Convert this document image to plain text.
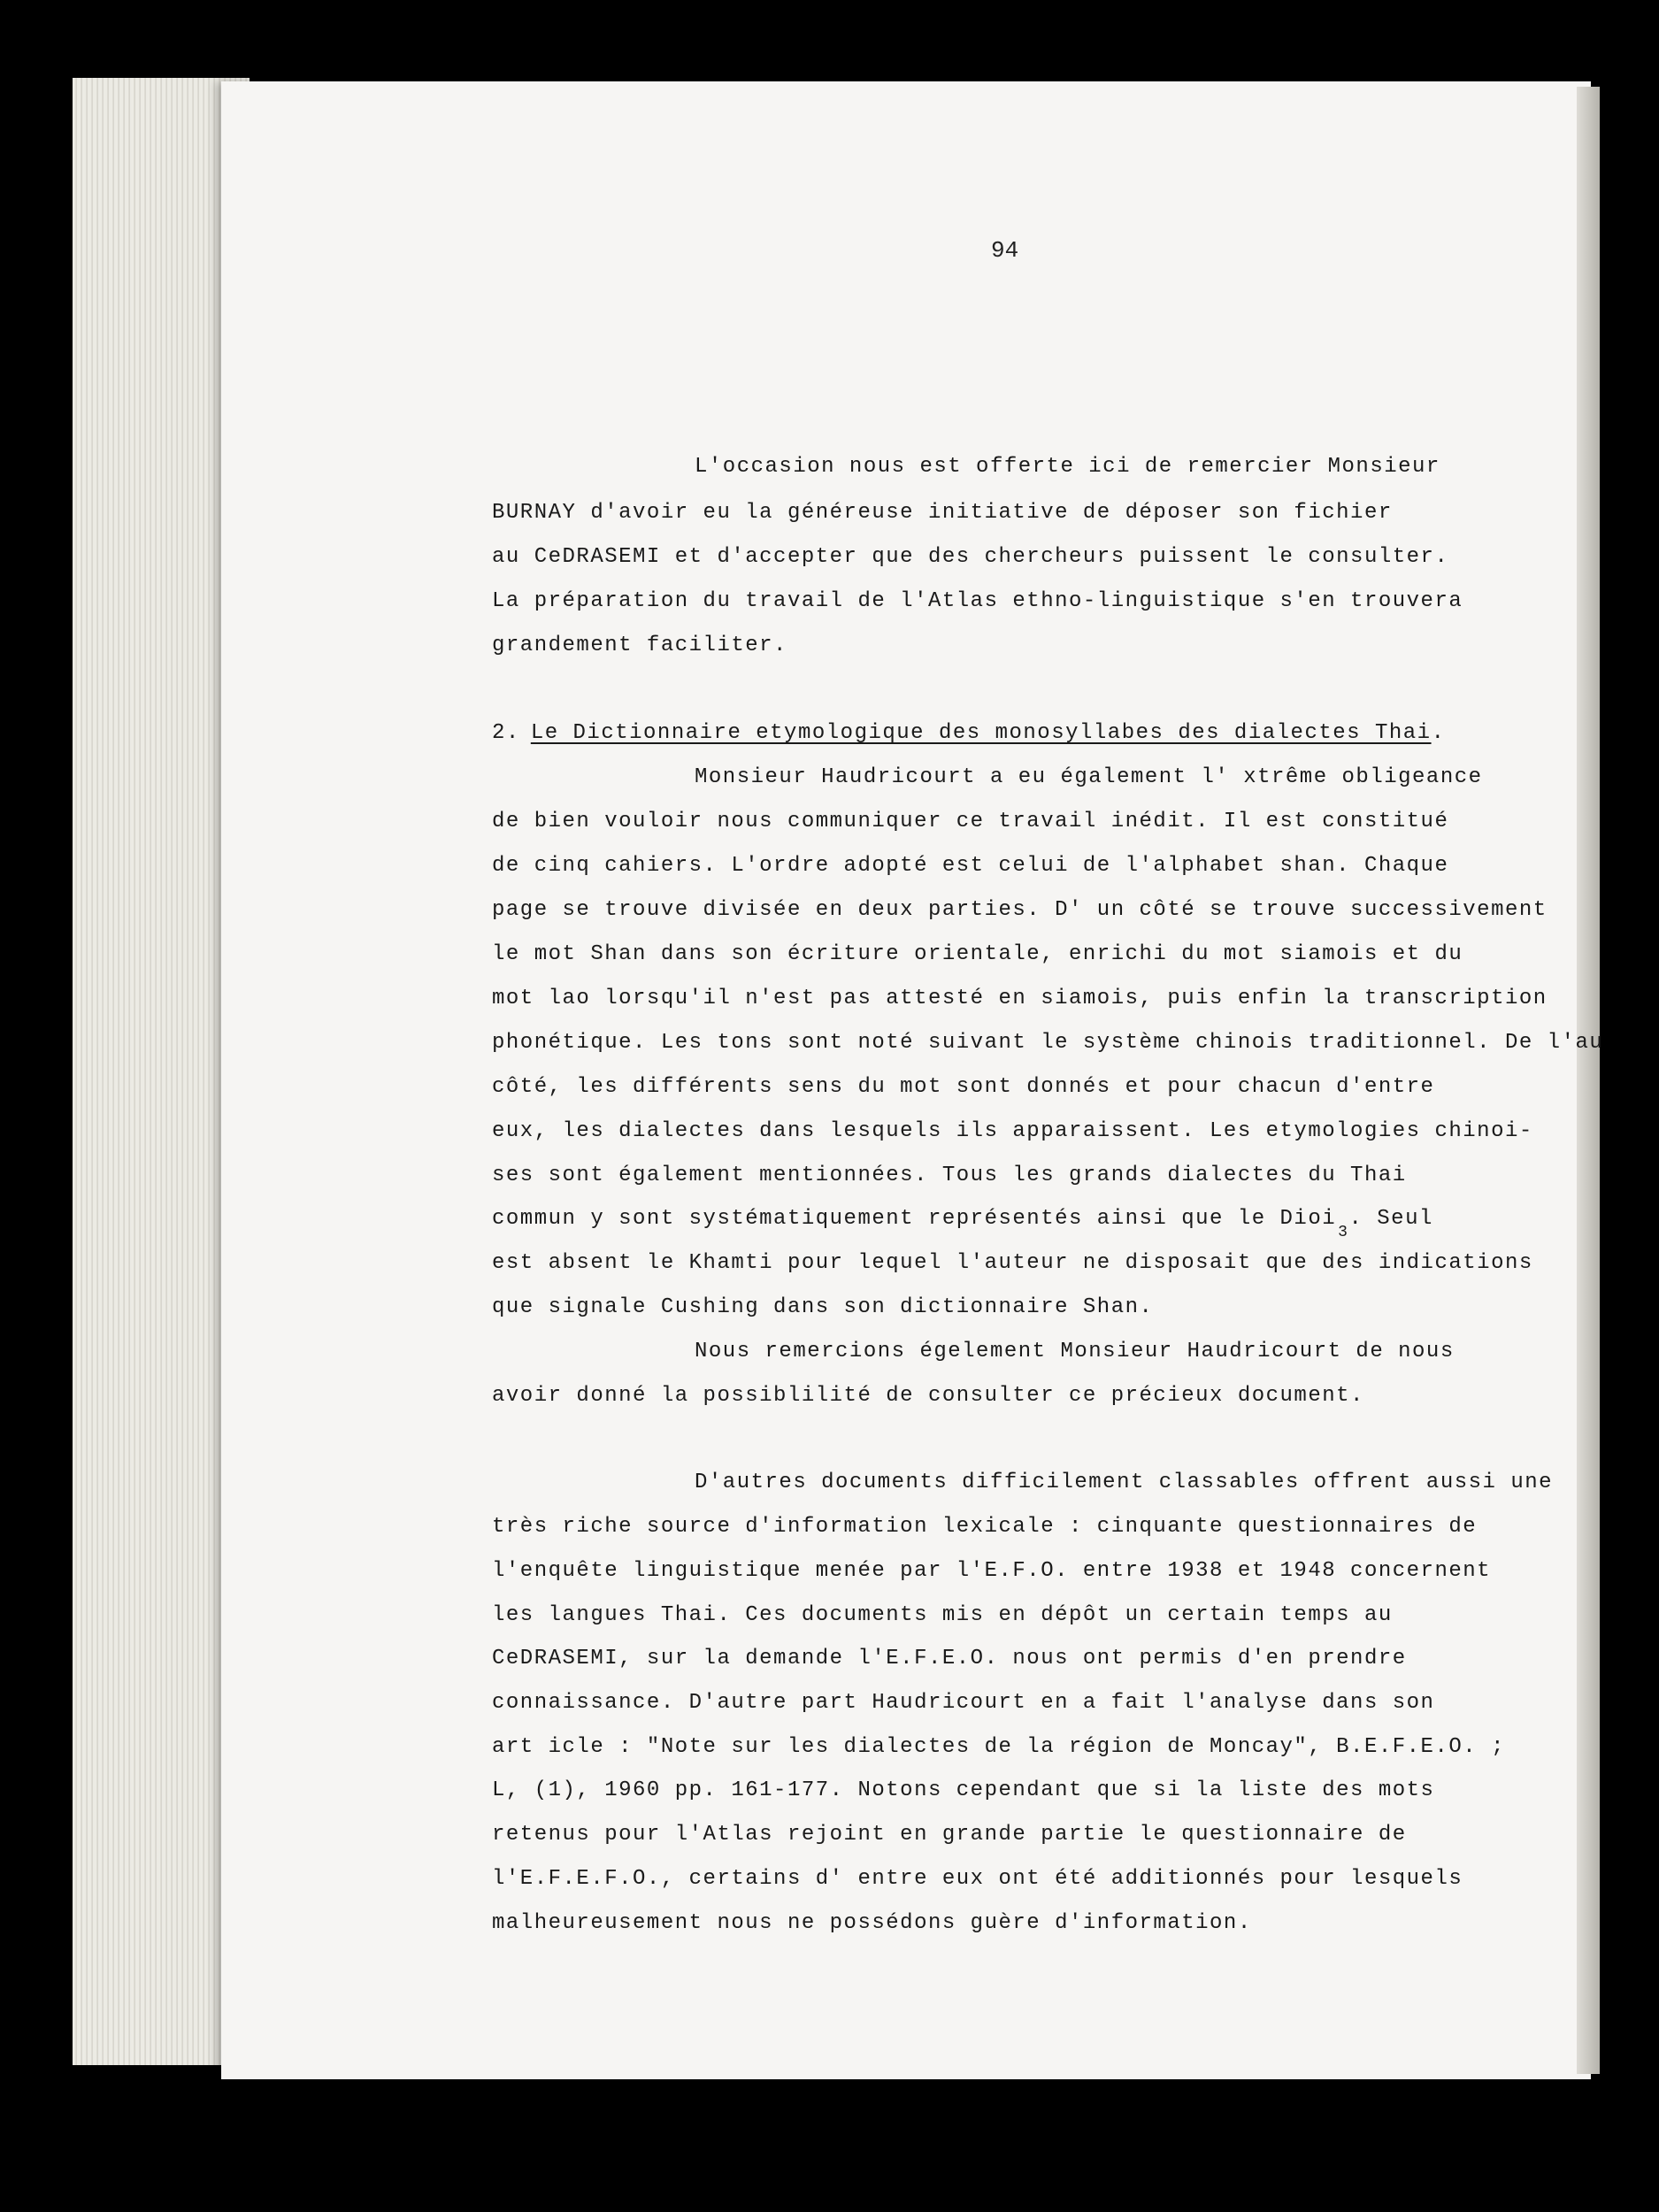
94
L'occasion nous est offerte ici de remercier Monsieur
BURNAY d'avoir eu la généreuse initiative de déposer son fichier
au CeDRASEMI et d'accepter que des chercheurs puissent le consulter.
La préparation du travail de l'Atlas ethno-linguistique s'en trouvera
grandement faciliter.
2. Le Dictionnaire etymologique des monosyllabes des dialectes Thai.
Monsieur Haudricourt a eu également l' xtrême obligeance
de bien vouloir nous communiquer ce travail inédit. Il est constitué
de cinq cahiers. L'ordre adopté est celui de l'alphabet shan. Chaque
page se trouve divisée en deux parties. D' un côté se trouve successivement
le mot Shan dans son écriture orientale, enrichi du mot siamois et du
mot lao lorsqu'il n'est pas attesté en siamois, puis enfin la transcription
phonétique. Les tons sont noté suivant le système chinois traditionnel. De l'au
côté, les différents sens du mot sont donnés et pour chacun d'entre
eux, les dialectes dans lesquels ils apparaissent. Les etymologies chinoi-
ses sont également mentionnées. Tous les grands dialectes du Thai
commun y sont systématiquement représentés ainsi que le Dioi$_3$. Seul
est absent le Khamti pour lequel l'auteur ne disposait que des indications
que signale Cushing dans son dictionnaire Shan.
Nous remercions égelement Monsieur Haudricourt de nous
avoir donné la possiblilité de consulter ce précieux document.
D'autres documents difficilement classables offrent aussi une
très riche source d'information lexicale : cinquante questionnaires de
l'enquête linguistique menée par l'E.F.O. entre 1938 et 1948 concernent
les langues Thai. Ces documents mis en dépôt un certain temps au
CeDRASEMI, sur la demande l'E.F.E.O. nous ont permis d'en prendre
connaissance. D'autre part Haudricourt en a fait l'analyse dans son
art icle : "Note sur les dialectes de la région de Moncay", B.E.F.E.O. ;
L, (1), 1960 pp. 161-177. Notons cependant que si la liste des mots
retenus pour l'Atlas rejoint en grande partie le questionnaire de
l'E.F.E.F.O., certains d' entre eux ont été additionnés pour lesquels
malheureusement nous ne possédons guère d'information.
